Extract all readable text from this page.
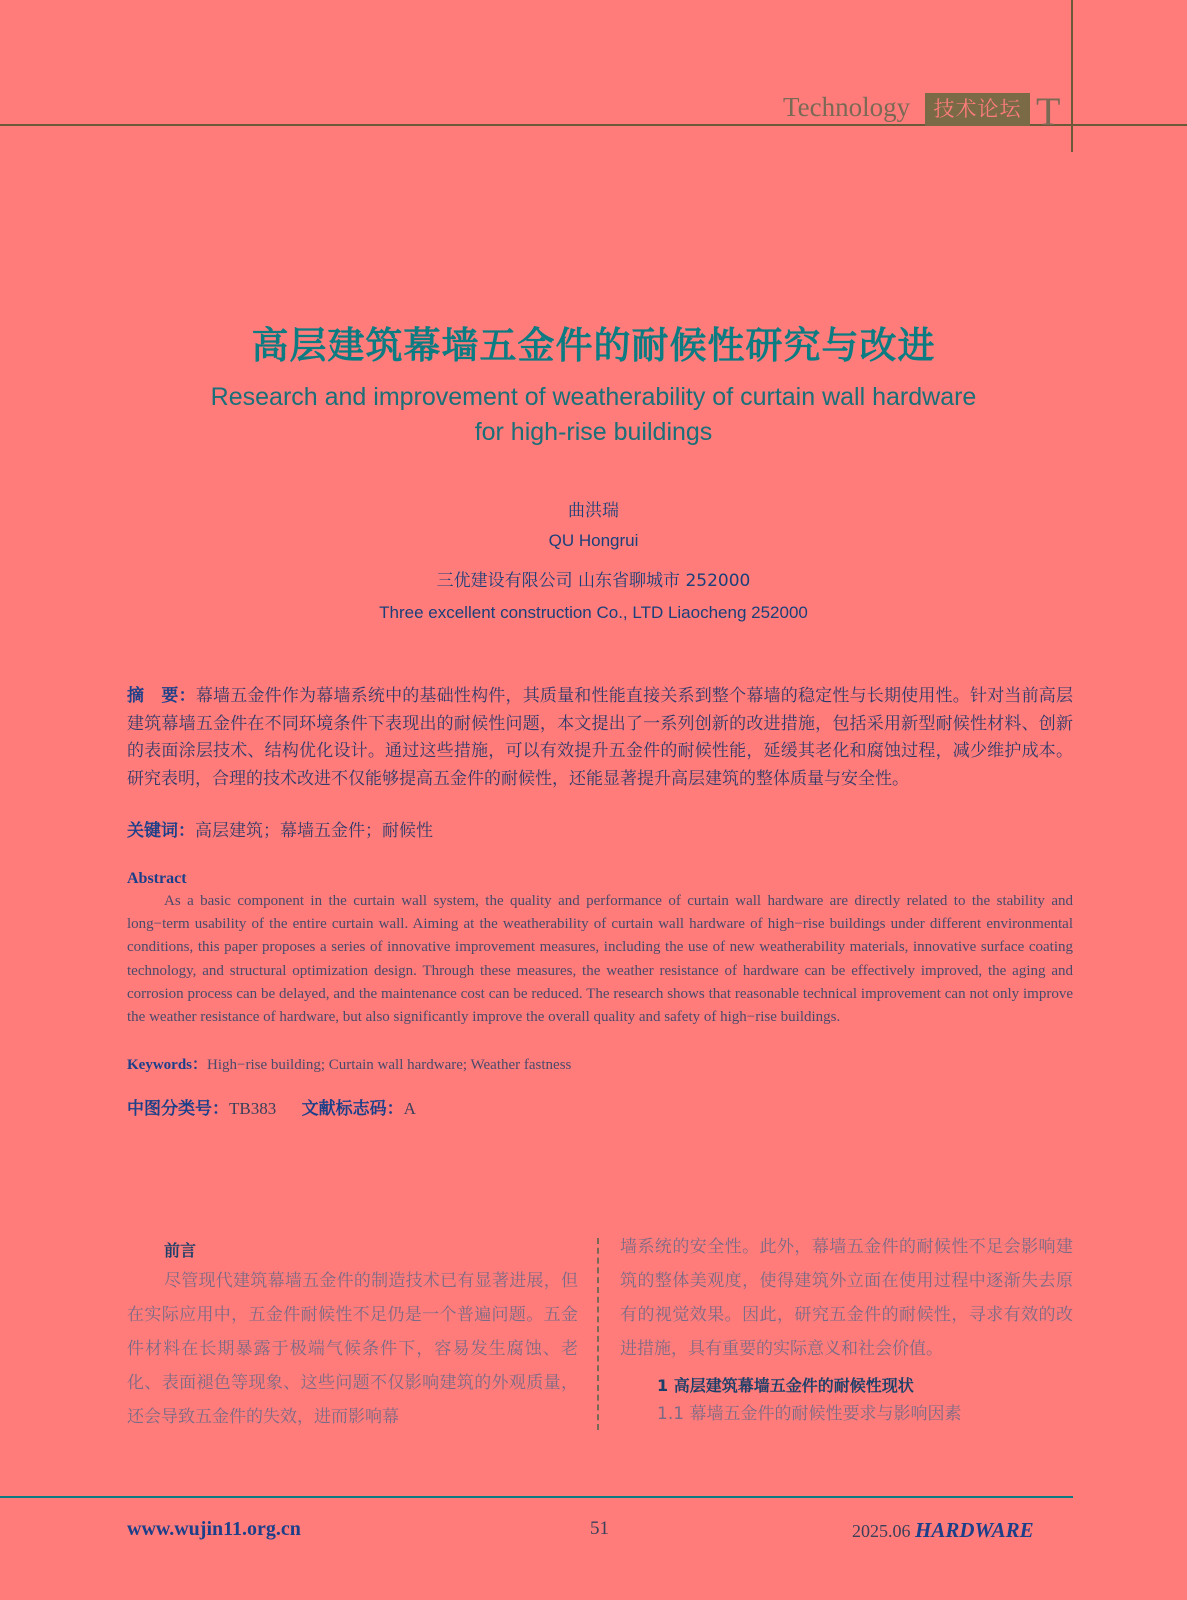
Technology	技术论坛 T
高层建筑幕墙五金件的耐候性研究与改进
Research and improvement of weatherability of curtain wall hardware
for high-rise buildings
曲洪瑞
QU Hongrui
三优建设有限公司 山东省聊城市 252000
Three excellent construction Co., LTD Liaocheng 252000
摘　要：幕墙五金件作为幕墙系统中的基础性构件，其质量和性能直接关系到整个幕墙的稳定性与长期使用性。针对当前高层建筑幕墙五金件在不同环境条件下表现出的耐候性问题，本文提出了一系列创新的改进措施，包括采用新型耐候性材料、创新的表面涂层技术、结构优化设计。通过这些措施，可以有效提升五金件的耐候性能，延缓其老化和腐蚀过程，减少维护成本。研究表明，合理的技术改进不仅能够提高五金件的耐候性，还能显著提升高层建筑的整体质量与安全性。
关键词：高层建筑；幕墙五金件；耐候性
Abstract
As a basic component in the curtain wall system, the quality and performance of curtain wall hardware are directly related to the stability and long−term usability of the entire curtain wall. Aiming at the weatherability of curtain wall hardware of high−rise buildings under different environmental conditions, this paper proposes a series of innovative improvement measures, including the use of new weatherability materials, innovative surface coating technology, and structural optimization design. Through these measures, the weather resistance of hardware can be effectively improved, the aging and corrosion process can be delayed, and the maintenance cost can be reduced. The research shows that reasonable technical improvement can not only improve the weather resistance of hardware, but also significantly improve the overall quality and safety of high−rise buildings.
Keywords：High−rise building; Curtain wall hardware; Weather fastness
中图分类号：TB383 文献标志码：A
前言
尽管现代建筑幕墙五金件的制造技术已有显著进展，但在实际应用中，五金件耐候性不足仍是一个普遍问题。五金件材料在长期暴露于极端气候条件下，容易发生腐蚀、老化、表面褪色等现象、这些问题不仅影响建筑的外观质量，还会导致五金件的失效，进而影响幕
墙系统的安全性。此外，幕墙五金件的耐候性不足会影响建筑的整体美观度，使得建筑外立面在使用过程中逐渐失去原有的视觉效果。因此，研究五金件的耐候性，寻求有效的改进措施，具有重要的实际意义和社会价值。
1 高层建筑幕墙五金件的耐候性现状
1.1 幕墙五金件的耐候性要求与影响因素
www.wujin11.org.cn	51	2025.06 HARDWARE
